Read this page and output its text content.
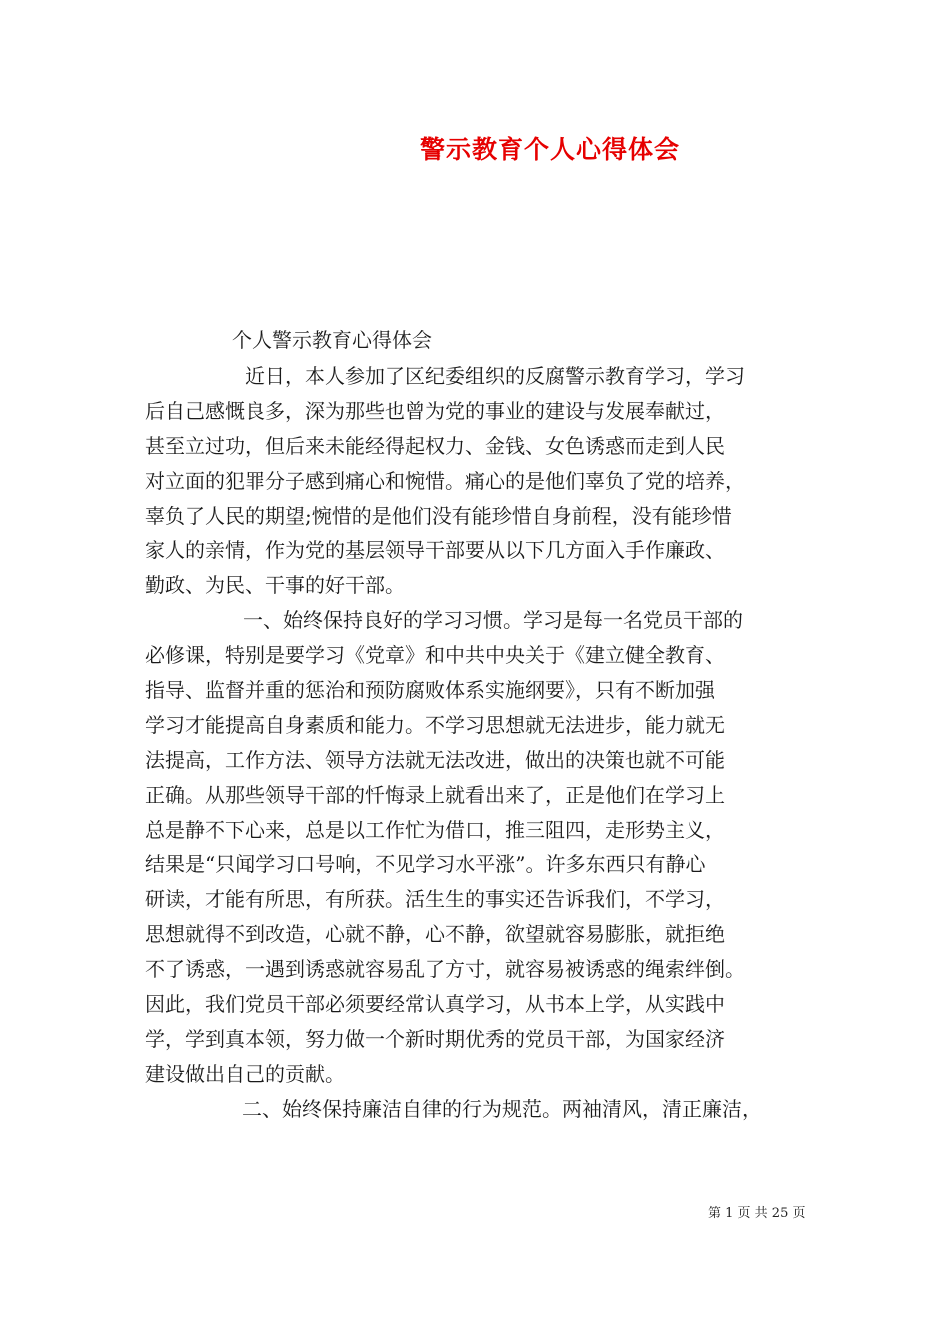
警示教育个人心得体会
个人警示教育心得体会
近日，本人参加了区纪委组织的反腐警示教育学习，学习
后自己感慨良多，深为那些也曾为党的事业的建设与发展奉献过，
甚至立过功，但后来未能经得起权力、金钱、女色诱惑而走到人民
对立面的犯罪分子感到痛心和惋惜。痛心的是他们辜负了党的培养，
辜负了人民的期望;惋惜的是他们没有能珍惜自身前程，没有能珍惜
家人的亲情，作为党的基层领导干部要从以下几方面入手作廉政、
勤政、为民、干事的好干部。
一、始终保持良好的学习习惯。学习是每一名党员干部的
必修课，特别是要学习《党章》和中共中央关于《建立健全教育、
指导、监督并重的惩治和预防腐败体系实施纲要》，只有不断加强
学习才能提高自身素质和能力。不学习思想就无法进步，能力就无
法提高，工作方法、领导方法就无法改进，做出的决策也就不可能
正确。从那些领导干部的忏悔录上就看出来了，正是他们在学习上
总是静不下心来，总是以工作忙为借口，推三阻四，走形势主义，
结果是“只闻学习口号响，不见学习水平涨”。许多东西只有静心
研读，才能有所思，有所获。活生生的事实还告诉我们，不学习，
思想就得不到改造，心就不静，心不静，欲望就容易膨胀，就拒绝
不了诱惑，一遇到诱惑就容易乱了方寸，就容易被诱惑的绳索绊倒。
因此，我们党员干部必须要经常认真学习，从书本上学，从实践中
学，学到真本领，努力做一个新时期优秀的党员干部，为国家经济
建设做出自己的贡献。
二、始终保持廉洁自律的行为规范。两袖清风，清正廉洁，
第 1 页 共 25 页
